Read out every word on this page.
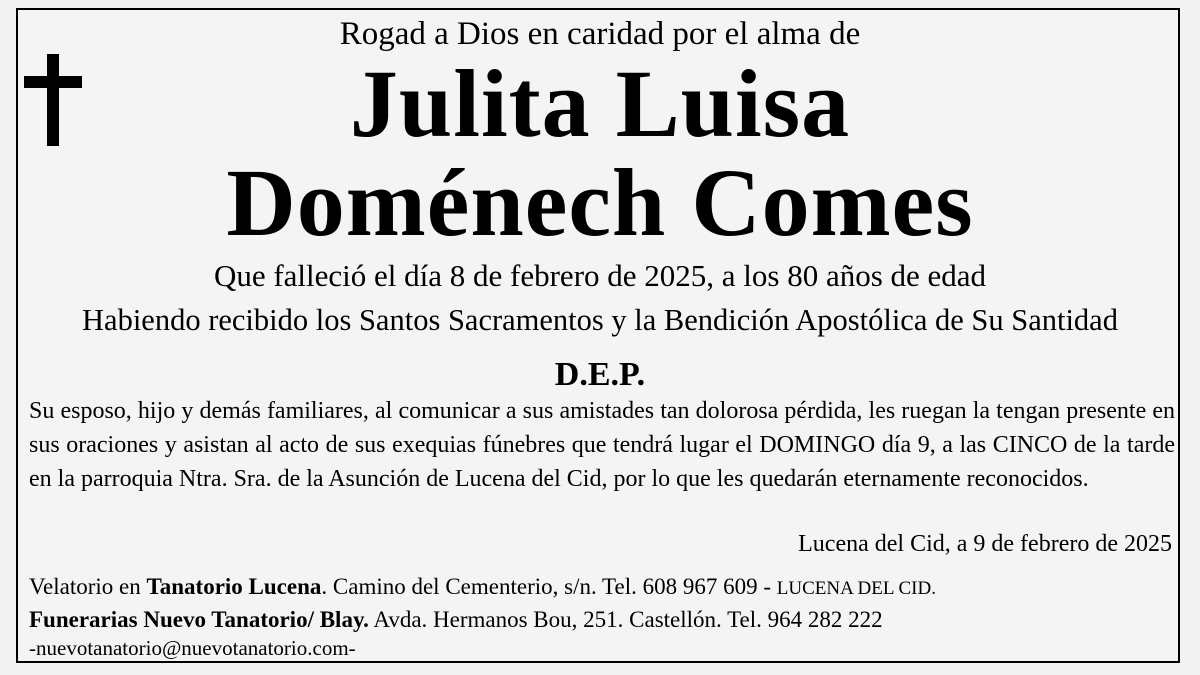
Rogad a Dios en caridad por el alma de
Julita Luisa
Doménech Comes
Que falleció el día 8 de febrero de 2025, a los 80 años de edad
Habiendo recibido los Santos Sacramentos y la Bendición Apostólica de Su Santidad
D.E.P.
Su esposo, hijo y demás familiares, al comunicar a sus amistades tan dolorosa pérdida, les ruegan la tengan presente en sus oraciones y asistan al acto de sus exequias fúnebres que tendrá lugar el DOMINGO día 9, a las CINCO de la tarde en la parroquia Ntra. Sra. de la Asunción de Lucena del Cid, por lo que les quedarán eternamente reconocidos.
Lucena del Cid, a 9 de febrero de 2025
Velatorio en Tanatorio Lucena. Camino del Cementerio, s/n. Tel. 608 967 609 - LUCENA DEL CID.
Funerarias Nuevo Tanatorio/ Blay. Avda. Hermanos Bou, 251. Castellón. Tel. 964 282 222
-nuevotanatorio@nuevotanatorio.com-
